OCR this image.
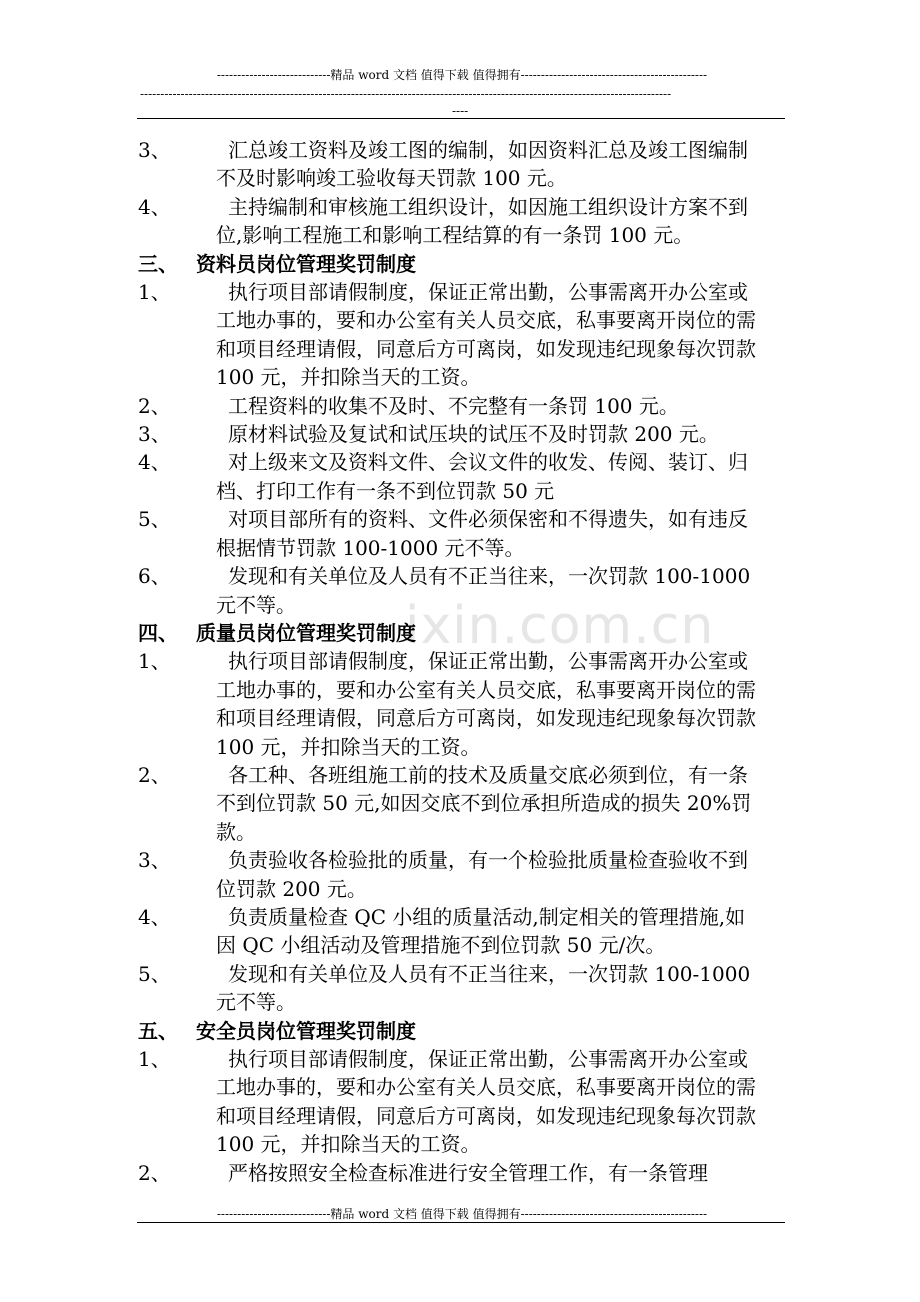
----------------------------精品 word 文档 值得下载 值得拥有----------------------------------------------
-----------------------------------------------------------------------------------------------------------------------------------
----
ixin.com.cn
3、	汇总竣工资料及竣工图的编制，如因资料汇总及竣工图编制不及时影响竣工验收每天罚款 100 元。
4、	主持编制和审核施工组织设计，如因施工组织设计方案不到位,影响工程施工和影响工程结算的有一条罚 100 元。
三、 资料员岗位管理奖罚制度
1、	执行项目部请假制度，保证正常出勤，公事需离开办公室或工地办事的，要和办公室有关人员交底，私事要离开岗位的需和项目经理请假，同意后方可离岗，如发现违纪现象每次罚款 100 元，并扣除当天的工资。
2、	工程资料的收集不及时、不完整有一条罚 100 元。
3、	原材料试验及复试和试压块的试压不及时罚款 200 元。
4、	对上级来文及资料文件、会议文件的收发、传阅、装订、归档、打印工作有一条不到位罚款 50 元
5、	对项目部所有的资料、文件必须保密和不得遗失，如有违反根据情节罚款 100-1000 元不等。
6、	发现和有关单位及人员有不正当往来，一次罚款 100-1000 元不等。
四、 质量员岗位管理奖罚制度
1、	执行项目部请假制度，保证正常出勤，公事需离开办公室或工地办事的，要和办公室有关人员交底，私事要离开岗位的需和项目经理请假，同意后方可离岗，如发现违纪现象每次罚款 100 元，并扣除当天的工资。
2、	各工种、各班组施工前的技术及质量交底必须到位，有一条不到位罚款 50 元,如因交底不到位承担所造成的损失 20%罚款。
3、	负责验收各检验批的质量，有一个检验批质量检查验收不到位罚款 200 元。
4、	负责质量检查 QC 小组的质量活动,制定相关的管理措施,如因 QC 小组活动及管理措施不到位罚款 50 元/次。
5、	发现和有关单位及人员有不正当往来，一次罚款 100-1000 元不等。
五、 安全员岗位管理奖罚制度
1、	执行项目部请假制度，保证正常出勤，公事需离开办公室或工地办事的，要和办公室有关人员交底，私事要离开岗位的需和项目经理请假，同意后方可离岗，如发现违纪现象每次罚款 100 元，并扣除当天的工资。
2、	严格按照安全检查标准进行安全管理工作，有一条管理
----------------------------精品 word 文档 值得下载 值得拥有----------------------------------------------
